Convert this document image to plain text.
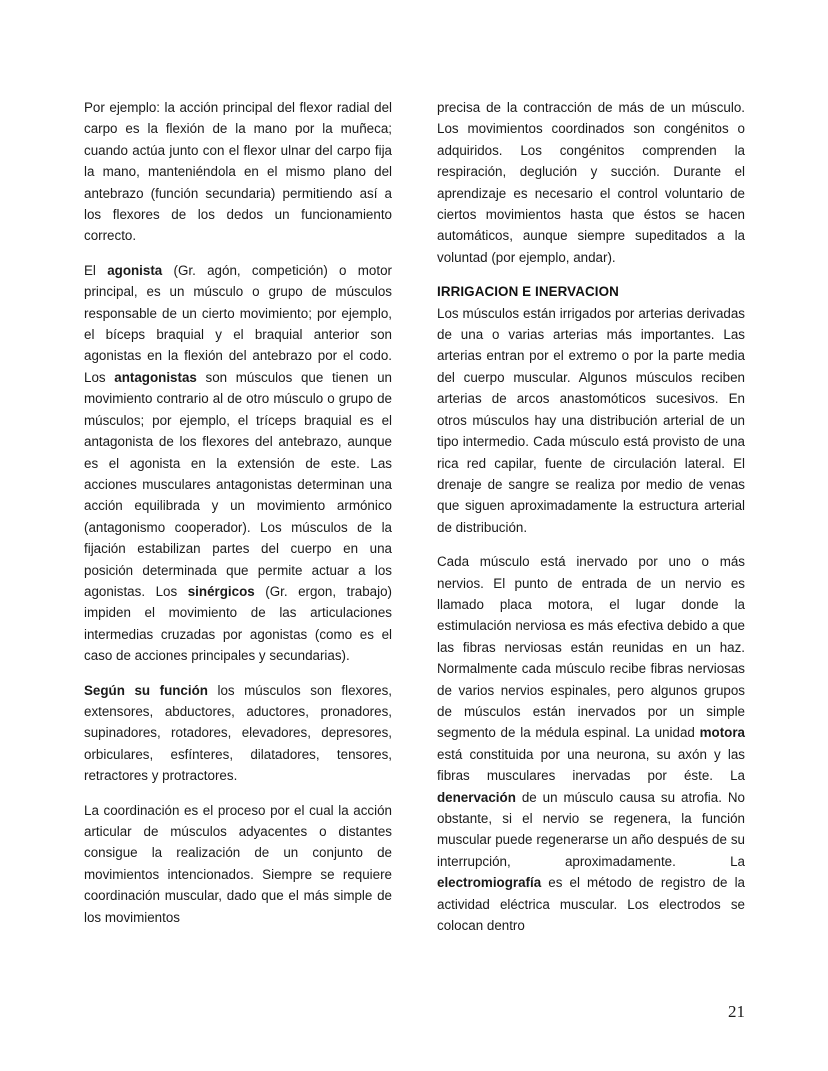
Por ejemplo: la acción principal del flexor radial del carpo es la flexión de la mano por la muñeca; cuando actúa junto con el flexor ulnar del carpo fija la mano, manteniéndola en el mismo plano del antebrazo (función secundaria) permitiendo así a los flexores de los dedos un funcionamiento correcto.

El agonista (Gr. agón, competición) o motor principal, es un músculo o grupo de músculos responsable de un cierto movimiento; por ejemplo, el bíceps braquial y el braquial anterior son agonistas en la flexión del antebrazo por el codo. Los antagonistas son músculos que tienen un movimiento contrario al de otro músculo o grupo de músculos; por ejemplo, el tríceps braquial es el antagonista de los flexores del antebrazo, aunque es el agonista en la extensión de este. Las acciones musculares antagonistas determinan una acción equilibrada y un movimiento armónico (antagonismo cooperador). Los músculos de la fijación estabilizan partes del cuerpo en una posición determinada que permite actuar a los agonistas. Los sinérgicos (Gr. ergon, trabajo) impiden el movimiento de las articulaciones intermedias cruzadas por agonistas (como es el caso de acciones principales y secundarias).

Según su función los músculos son flexores, extensores, abductores, aductores, pronadores, supinadores, rotadores, elevadores, depresores, orbiculares, esfínteres, dilatadores, tensores, retractores y protractores.

La coordinación es el proceso por el cual la acción articular de músculos adyacentes o distantes consigue la realización de un conjunto de movimientos intencionados. Siempre se requiere coordinación muscular, dado que el más simple de los movimientos

precisa de la contracción de más de un músculo. Los movimientos coordinados son congénitos o adquiridos. Los congénitos comprenden la respiración, deglución y succión. Durante el aprendizaje es necesario el control voluntario de ciertos movimientos hasta que éstos se hacen automáticos, aunque siempre supeditados a la voluntad (por ejemplo, andar).

IRRIGACION E INERVACION

Los músculos están irrigados por arterias derivadas de una o varias arterias más importantes. Las arterias entran por el extremo o por la parte media del cuerpo muscular. Algunos músculos reciben arterias de arcos anastomóticos sucesivos. En otros músculos hay una distribución arterial de un tipo intermedio. Cada músculo está provisto de una rica red capilar, fuente de circulación lateral. El drenaje de sangre se realiza por medio de venas que siguen aproximadamente la estructura arterial de distribución.

Cada músculo está inervado por uno o más nervios. El punto de entrada de un nervio es llamado placa motora, el lugar donde la estimulación nerviosa es más efectiva debido a que las fibras nerviosas están reunidas en un haz. Normalmente cada músculo recibe fibras nerviosas de varios nervios espinales, pero algunos grupos de músculos están inervados por un simple segmento de la médula espinal. La unidad motora está constituida por una neurona, su axón y las fibras musculares inervadas por éste. La denervación de un músculo causa su atrofia. No obstante, si el nervio se regenera, la función muscular puede regenerarse un año después de su interrupción, aproximadamente. La electromiografía es el método de registro de la actividad eléctrica muscular. Los electrodos se colocan dentro

21
